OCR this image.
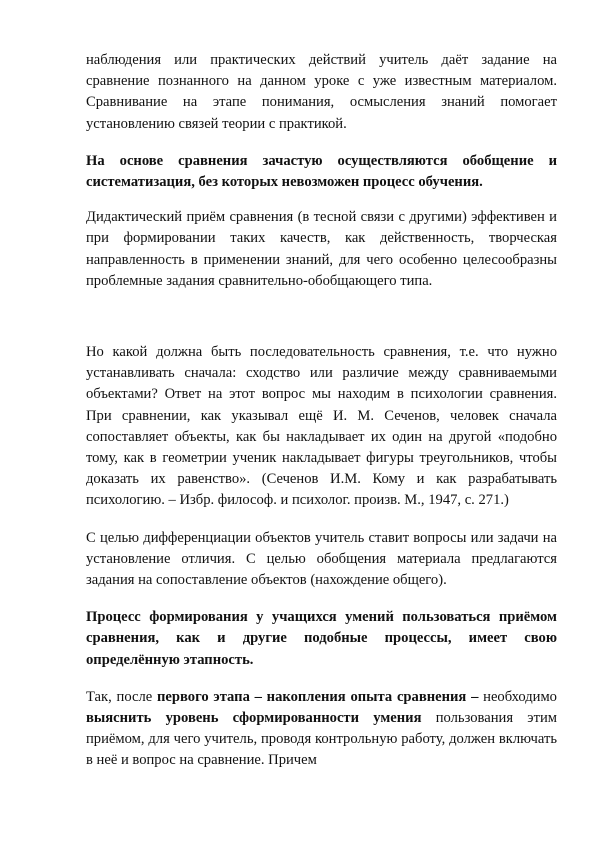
наблюдения или практических действий учитель даёт задание на сравнение познанного на данном уроке с уже известным материалом. Сравнивание на этапе понимания, осмысления знаний помогает установлению связей теории с практикой.

На основе сравнения зачастую осуществляются обобщение и систематизация, без которых невозможен процесс обучения.

Дидактический приём сравнения (в тесной связи с другими) эффективен и при формировании таких качеств, как действенность, творческая направленность в применении знаний, для чего особенно целесообразны проблемные задания сравнительно-обобщающего типа.

Но какой должна быть последовательность сравнения, т.е. что нужно устанавливать сначала: сходство или различие между сравниваемыми объектами? Ответ на этот вопрос мы находим в психологии сравнения. При сравнении, как указывал ещё И. М. Сеченов, человек сначала сопоставляет объекты, как бы накладывает их один на другой «подобно тому, как в геометрии ученик накладывает фигуры треугольников, чтобы доказать их равенство». (Сеченов И.М. Кому и как разрабатывать психологию. – Избр. философ. и психолог. произв. М., 1947, с. 271.)

С целью дифференциации объектов учитель ставит вопросы или задачи на установление отличия. С целью обобщения материала предлагаются задания на сопоставление объектов (нахождение общего).

Процесс формирования у учащихся умений пользоваться приёмом сравнения, как и другие подобные процессы, имеет свою определённую этапность.

Так, после первого этапа – накопления опыта сравнения – необходимо выяснить уровень сформированности умения пользования этим приёмом, для чего учитель, проводя контрольную работу, должен включать в неё и вопрос на сравнение. Причем
